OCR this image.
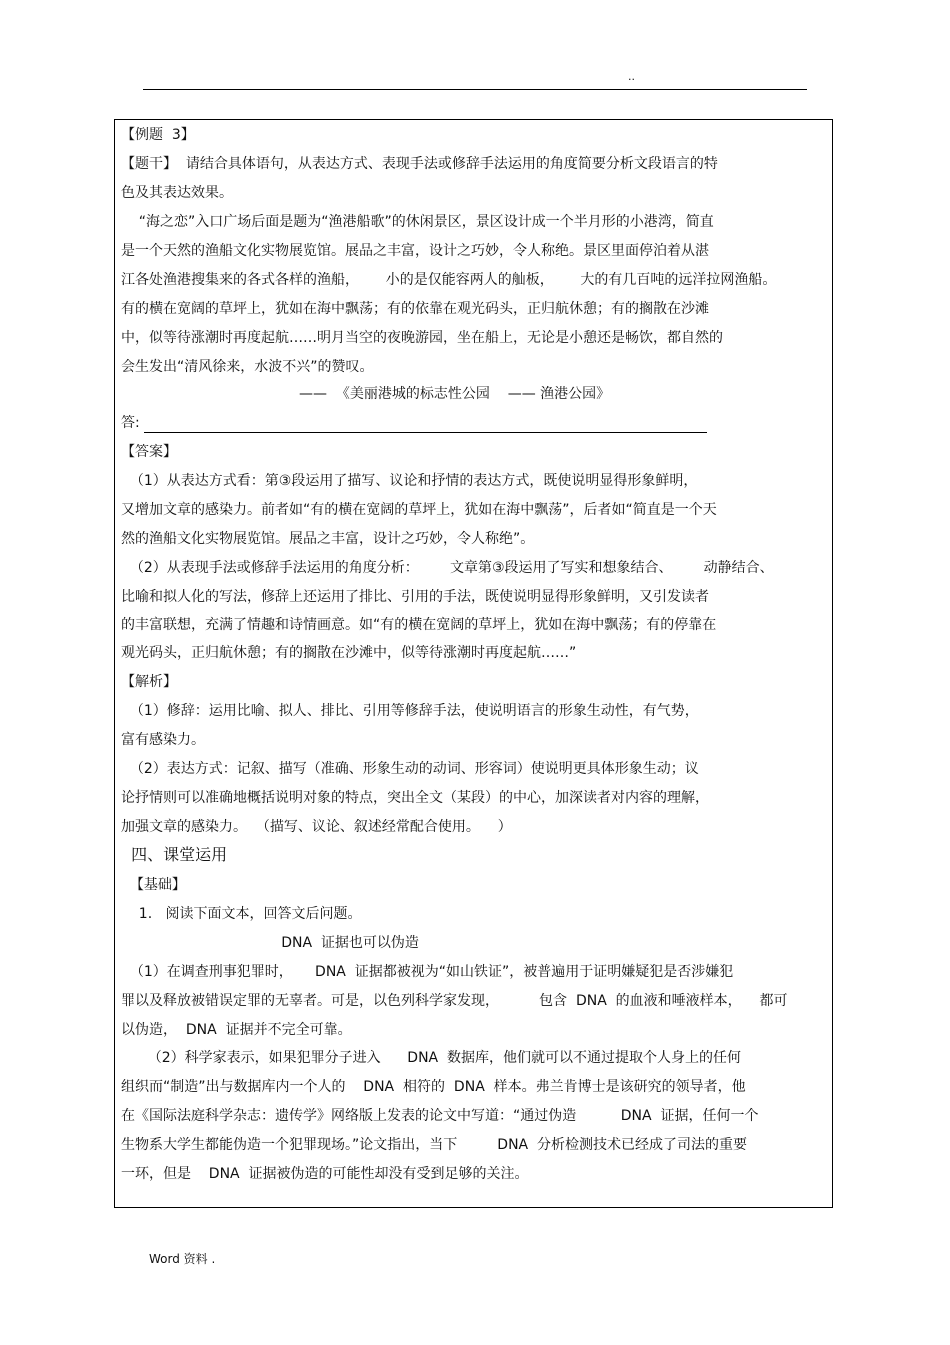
..
【例题  3】
【题干】  请结合具体语句，从表达方式、表现手法或修辞手法运用的角度简要分析文段语言的特
色及其表达效果。
“海之恋”入口广场后面是题为“渔港船歌”的休闲景区，景区设计成一个半月形的小港湾，简直
是一个天然的渔船文化实物展览馆。展品之丰富，设计之巧妙，令人称绝。景区里面停泊着从湛
江各处渔港搜集来的各式各样的渔船，      小的是仅能容两人的舢板，      大的有几百吨的远洋拉网渔船。
有的横在宽阔的草坪上，犹如在海中飘荡；有的依靠在观光码头，正归航休憩；有的搁散在沙滩
中，似等待涨潮时再度起航……明月当空的夜晚游园，坐在船上，无论是小憩还是畅饮，都自然的
会生发出“清风徐来，水波不兴”的赞叹。
——  《美丽港城的标志性公园    —— 渔港公园》
答:
【答案】
（1）从表达方式看：第③段运用了描写、议论和抒情的表达方式，既使说明显得形象鲜明，
又增加文章的感染力。前者如“有的横在宽阔的草坪上，犹如在海中飘荡”，后者如“简直是一个天
然的渔船文化实物展览馆。展品之丰富，设计之巧妙，令人称绝”。
（2）从表现手法或修辞手法运用的角度分析：       文章第③段运用了写实和想象结合、       动静结合、
比喻和拟人化的写法，修辞上还运用了排比、引用的手法，既使说明显得形象鲜明，又引发读者
的丰富联想，充满了情趣和诗情画意。如“有的横在宽阔的草坪上，犹如在海中飘荡；有的停靠在
观光码头，正归航休憩；有的搁散在沙滩中，似等待涨潮时再度起航……”
【解析】
（1）修辞：运用比喻、拟人、排比、引用等修辞手法，使说明语言的形象生动性，有气势，
富有感染力。
（2）表达方式：记叙、描写（准确、形象生动的动词、形容词）使说明更具体形象生动；议
论抒情则可以准确地概括说明对象的特点，突出全文（某段）的中心，加深读者对内容的理解，
加强文章的感染力。  （描写、议论、叙述经常配合使用。    ）
四、课堂运用
【基础】
1.   阅读下面文本，回答文后问题。
DNA  证据也可以伪造
（1）在调查刑事犯罪时，     DNA  证据都被视为“如山铁证”，被普遍用于证明嫌疑犯是否涉嫌犯
罪以及释放被错误定罪的无辜者。可是，以色列科学家发现，         包含  DNA  的血液和唾液样本，    都可
以伪造，  DNA  证据并不完全可靠。
（2）科学家表示，如果犯罪分子进入      DNA  数据库，他们就可以不通过提取个人身上的任何
组织而“制造”出与数据库内一个人的    DNA  相符的  DNA  样本。弗兰肯博士是该研究的领导者，他
在《国际法庭科学杂志：遗传学》网络版上发表的论文中写道：“通过伪造          DNA  证据，任何一个
生物系大学生都能伪造一个犯罪现场。”论文指出，当下         DNA  分析检测技术已经成了司法的重要
一环，但是    DNA  证据被伪造的可能性却没有受到足够的关注。
Word 资料 .
